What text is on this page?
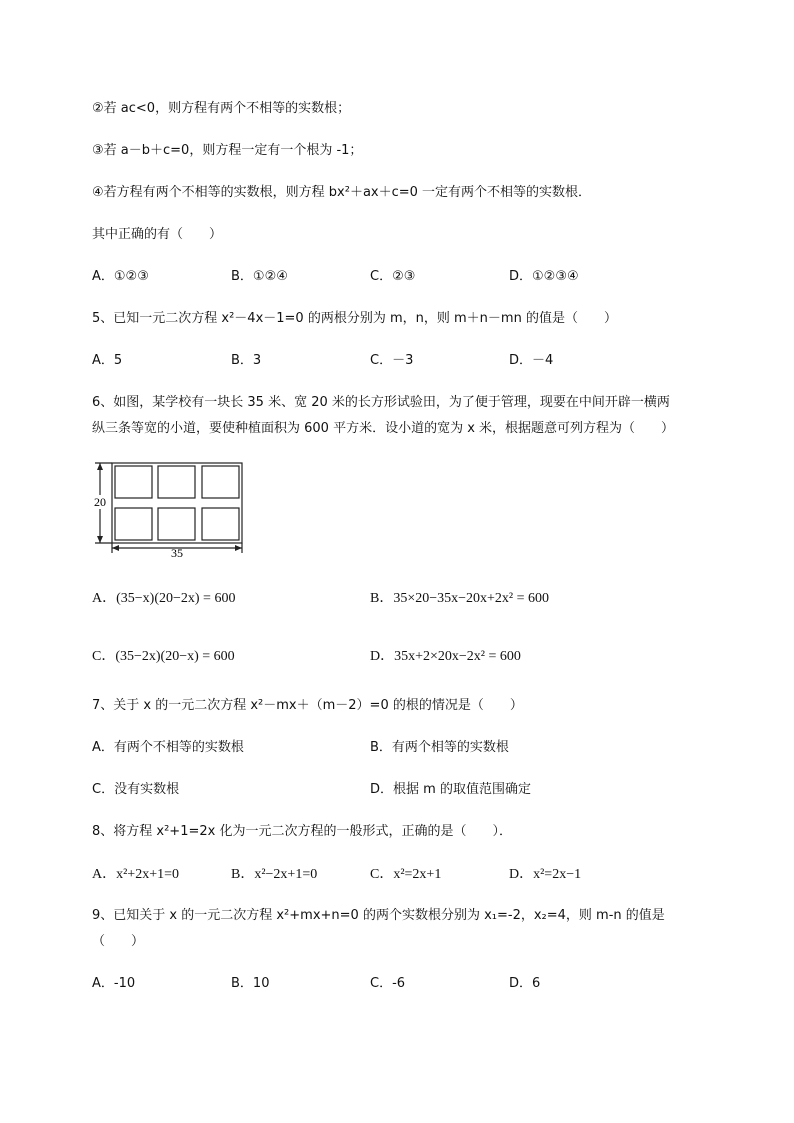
②若 ac<0，则方程有两个不相等的实数根；
③若 a－b＋c=0，则方程一定有一个根为 -1；
④若方程有两个不相等的实数根，则方程 bx²＋ax＋c=0 一定有两个不相等的实数根．
其中正确的有（　　）
A．①②③	B．①②④	C．②③	D．①②③④
5、已知一元二次方程 x²－4x－1=0 的两根分别为 m，n，则 m＋n－mn 的值是（　　）
A．5	B．3	C．－3	D．－4
6、如图，某学校有一块长 35 米、宽 20 米的长方形试验田，为了便于管理，现要在中间开辟一横两
纵三条等宽的小道，要使种植面积为 600 平方米．设小道的宽为 x 米，根据题意可列方程为（　　）
20
35
A．(35−x)(20−2x) = 600	B．35×20−35x−20x+2x² = 600
C．(35−2x)(20−x) = 600	D．35x+2×20x−2x² = 600
7、关于 x 的一元二次方程 x²－mx＋（m－2）=0 的根的情况是（　　）
A．有两个不相等的实数根	B．有两个相等的实数根
C．没有实数根	D．根据 m 的取值范围确定
8、将方程 x²+1=2x 化为一元二次方程的一般形式，正确的是（　　）．
A．x²+2x+1=0	B．x²−2x+1=0	C．x²=2x+1	D．x²=2x−1
9、已知关于 x 的一元二次方程 x²+mx+n=0 的两个实数根分别为 x₁=-2，x₂=4，则 m-n 的值是
（　　）
A．-10	B．10	C．-6	D．6
